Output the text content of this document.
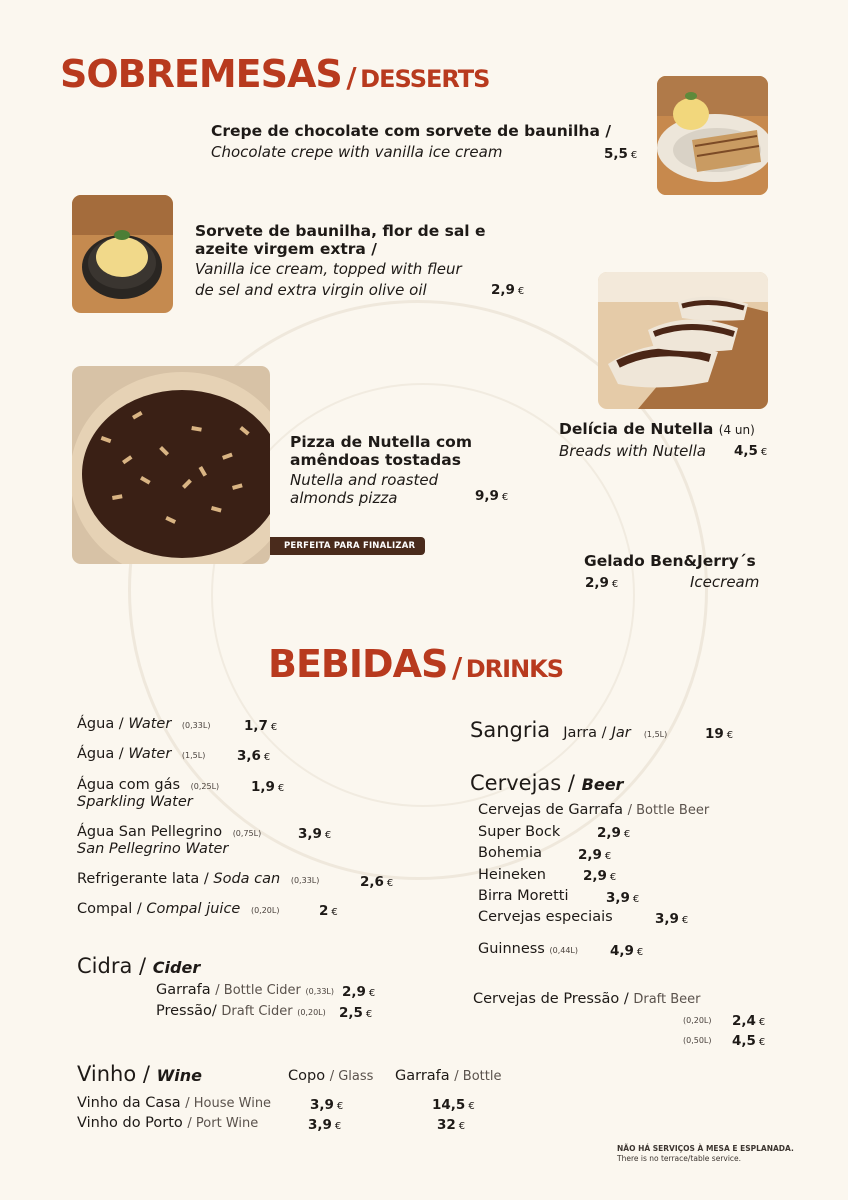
SOBREMESAS / DESSERTS
Crepe de chocolate com sorvete de baunilha /
Chocolate crepe with vanilla ice cream	5,5 €
Sorvete de baunilha, flor de sal e
azeite virgem extra /
Vanilla ice cream, topped with fleur
de sel and extra virgin olive oil	2,9 €
PERFEITA PARA FINALIZAR
Pizza de Nutella com
amêndoas tostadas
Nutella and roasted
almonds pizza	9,9 €
Delícia de Nutella (4 un)
Breads with Nutella	4,5 €
Gelado Ben&Jerry´s
2,9 €	Icecream
BEBIDAS / DRINKS
Água / Water (0,33L) 1,7 €
Água / Water (1,5L) 3,6 €
Água com gás (0,25L) 1,9 €
Sparkling Water
Água San Pellegrino (0,75L)	3,9 €
San Pellegrino Water
Refrigerante lata / Soda can (0,33L)	2,6 €
Compal / Compal juice (0,20L)	2 €
Cidra / Cider
Garrafa / Bottle Cider (0,33L) 2,9 €
Pressão/ Draft Cider (0,20L) 2,5 €
Vinho / Wine	Copo / Glass Garrafa / Bottle
Vinho da Casa / House Wine	3,9 €	14,5 €
Vinho do Porto / Port Wine	3,9 €	32 €
Sangria Jarra / Jar (1,5L)	19 €
Cervejas / Beer
Cervejas de Garrafa / Bottle Beer
Super Bock	2,9 €
Bohemia	2,9 €
Heineken	2,9 €
Birra Moretti	3,9 €
Cervejas especiais	3,9 €
Guinness (0,44L) 4,9 €
Cervejas de Pressão / Draft Beer
(0,20L) 2,4 €
(0,50L) 4,5 €
NÃO HÁ SERVIÇOS À MESA E ESPLANADA.
There is no terrace/table service.
